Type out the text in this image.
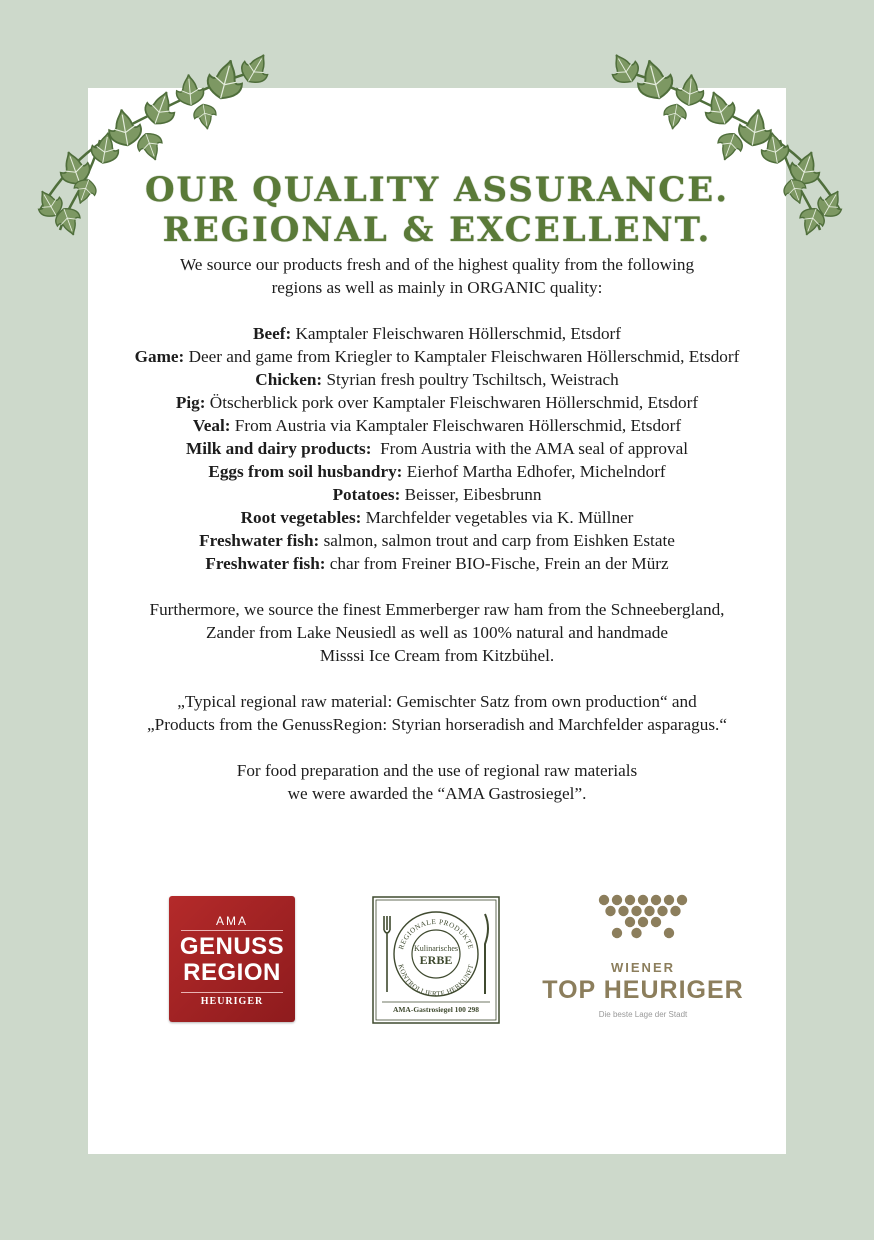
OUR QUALITY ASSURANCE.
REGIONAL & EXCELLENT.

We source our products fresh and of the highest quality from the following

regions as well as mainly in ORGANIC quality:

Beef: Kamptaler Fleischwaren Höllerschmid, Etsdorf

Game: Deer and game from Kriegler to Kamptaler Fleischwaren Höllerschmid, Etsdorf

Chicken: Styrian fresh poultry Tschiltsch, Weistrach

Pig: Ötscherblick pork over Kamptaler Fleischwaren Höllerschmid, Etsdorf

Veal: From Austria via Kamptaler Fleischwaren Höllerschmid, Etsdorf

Milk and dairy products:  From Austria with the AMA seal of approval

Eggs from soil husbandry: Eierhof Martha Edhofer, Michelndorf

Potatoes: Beisser, Eibesbrunn

Root vegetables: Marchfelder vegetables via K. Müllner

Freshwater fish: salmon, salmon trout and carp from Eishken Estate

Freshwater fish: char from Freiner BIO-Fische, Frein an der Mürz

Furthermore, we source the finest Emmerberger raw ham from the Schneebergland,

Zander from Lake Neusiedl as well as 100% natural and handmade

Misssi Ice Cream from Kitzbühel.

„Typical regional raw material: Gemischter Satz from own production“ and

„Products from the GenussRegion: Styrian horseradish and Marchfelder asparagus.“

For food preparation and the use of regional raw materials

we were awarded the “AMA Gastrosiegel”.

AMA
GENUSS
REGION
HEURIGER
REGIONALE PRODUKTE
KONTROLLIERTE HERKUNFT
Kulinarisches
ERBE
AMA-Gastrosiegel 100 298
WIENER
TOP HEURIGER
Die beste Lage der Stadt
